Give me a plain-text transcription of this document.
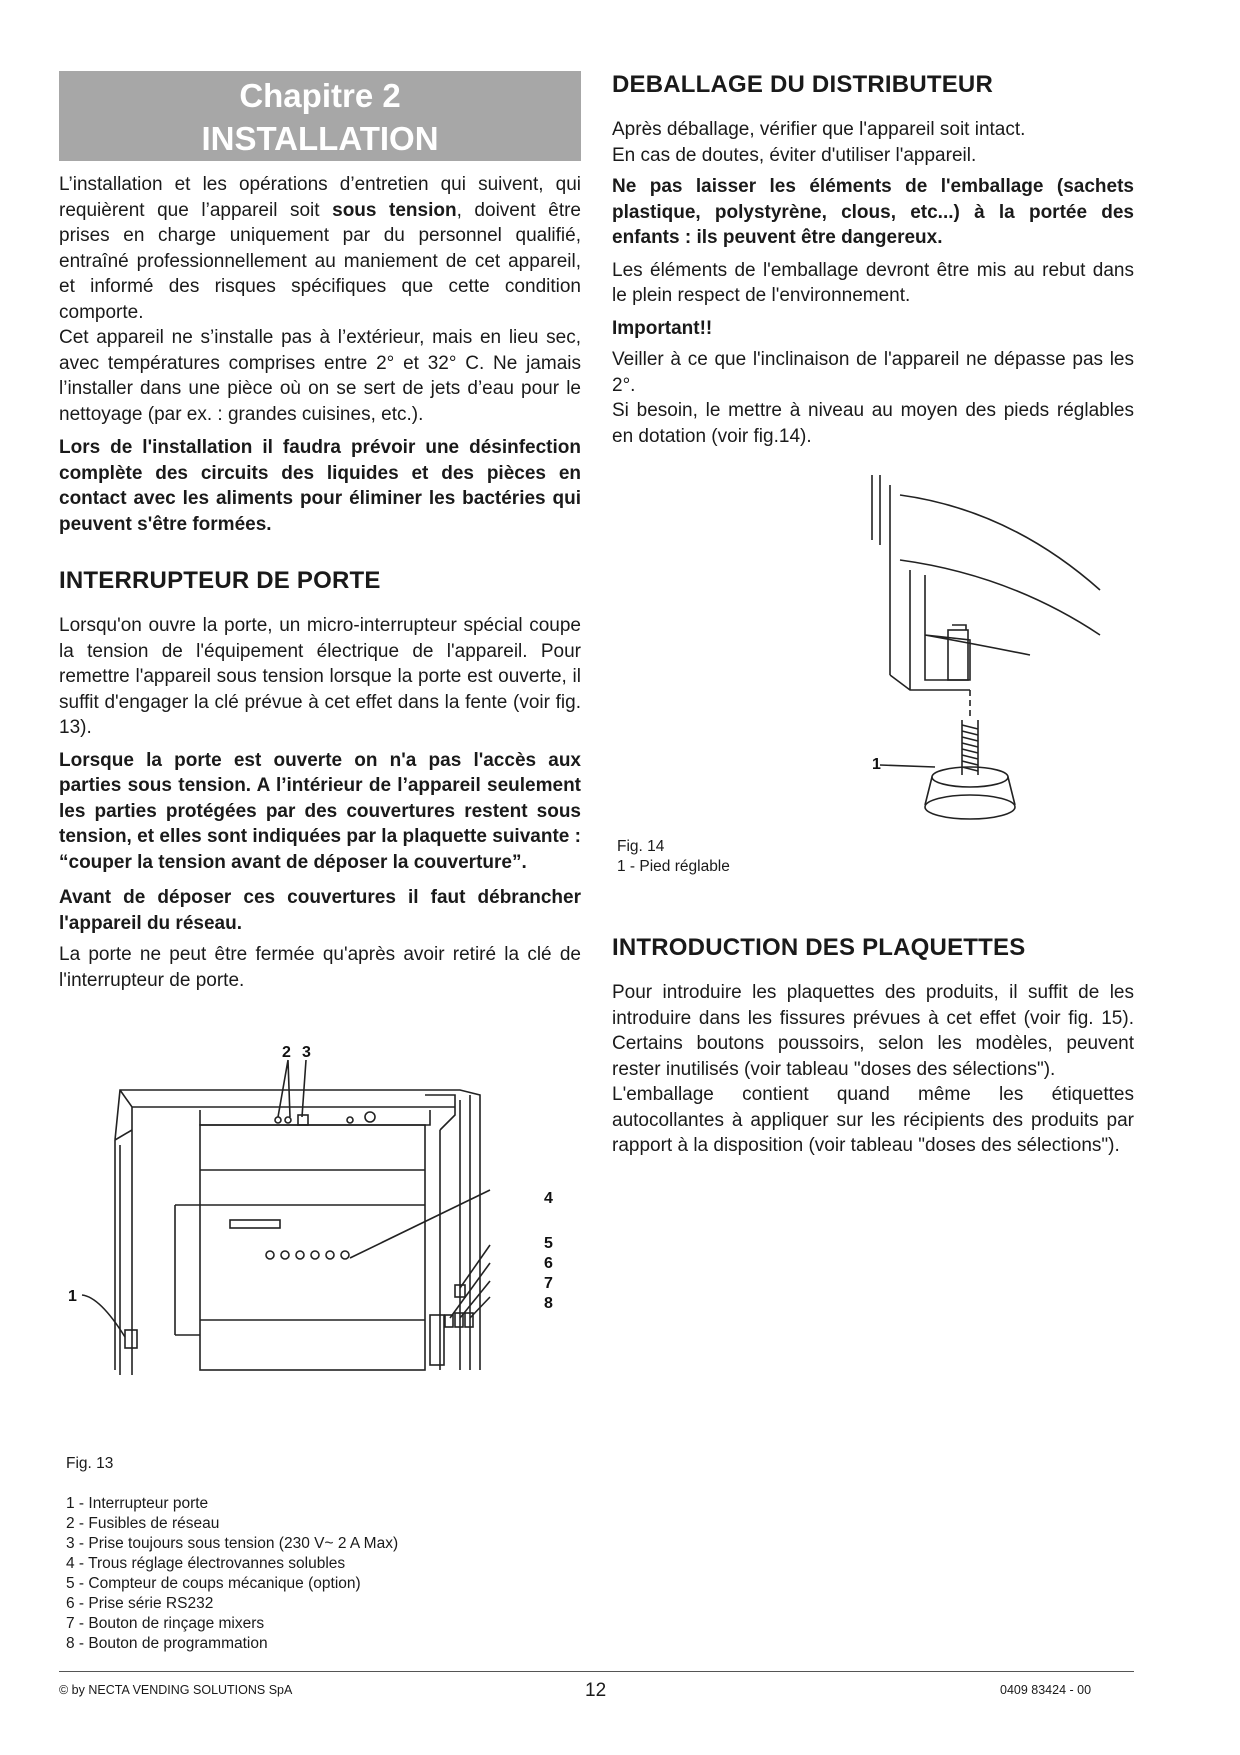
Chapitre 2
INSTALLATION

L’installation et les opérations d’entretien qui suivent, qui requièrent que l’appareil soit sous tension, doivent être prises en charge uniquement par du personnel qualifié, entraîné professionnellement au maniement de cet appareil, et informé des risques spécifiques que cette condition comporte.

Cet appareil ne s’installe pas à l’extérieur, mais en lieu sec, avec températures comprises entre 2° et 32° C. Ne jamais l’installer dans une pièce où on se sert de jets d’eau pour le nettoyage (par ex. : grandes cuisines, etc.).

Lors de l'installation il faudra prévoir une désinfection complète des circuits des liquides et des pièces en contact avec les aliments pour éliminer les bactéries qui peuvent s'être formées.

INTERRUPTEUR DE PORTE

Lorsqu'on ouvre la porte, un micro-interrupteur spécial coupe la tension de l'équipement électrique de l'appareil. Pour remettre l'appareil sous tension lorsque la porte est ouverte, il suffit d'engager la clé prévue à cet effet dans la fente (voir fig. 13).

Lorsque la porte est ouverte on n'a pas l'accès aux parties sous tension. A l’intérieur de l’appareil seulement les parties protégées par des couvertures restent sous tension, et elles sont indiquées par la plaquette suivante : “couper la tension avant de déposer la couverture”.

Avant de déposer ces couvertures il faut débrancher l'appareil du réseau.

La porte ne peut être fermée qu'après avoir retiré la clé de l'interrupteur de porte.

1
2 3
4
5
6
7
8

Fig. 13

1 - Interrupteur porte

2 - Fusibles de réseau

3 - Prise toujours sous tension (230 V~ 2 A Max)

4 - Trous réglage électrovannes solubles

5 - Compteur de coups mécanique (option)

6 - Prise série RS232

7 - Bouton de rinçage mixers

8 - Bouton de programmation

DEBALLAGE DU DISTRIBUTEUR

Après déballage, vérifier que l'appareil soit intact.

En cas de doutes, éviter d'utiliser l'appareil.

Ne pas laisser les éléments de l'emballage (sachets plastique, polystyrène, clous, etc...) à la portée des enfants : ils peuvent être dangereux.

Les éléments de l'emballage devront être mis au rebut dans le plein respect de l'environnement.

Important!!

Veiller à ce que l'inclinaison de l'appareil ne dépasse pas les 2°.

Si besoin, le mettre à niveau au moyen des pieds réglables en dotation (voir fig.14).

1

Fig. 14

1 - Pied réglable

INTRODUCTION DES PLAQUETTES

Pour introduire les plaquettes des produits, il suffit de les introduire dans les fissures prévues à cet effet (voir fig. 15). Certains boutons poussoirs, selon les modèles, peuvent rester inutilisés (voir tableau "doses des sélections").

L'emballage contient quand même les étiquettes autocollantes à appliquer sur les récipients des produits par rapport à la disposition (voir tableau "doses des sélections").

© by NECTA VENDING SOLUTIONS SpA	12	0409 83424 - 00
